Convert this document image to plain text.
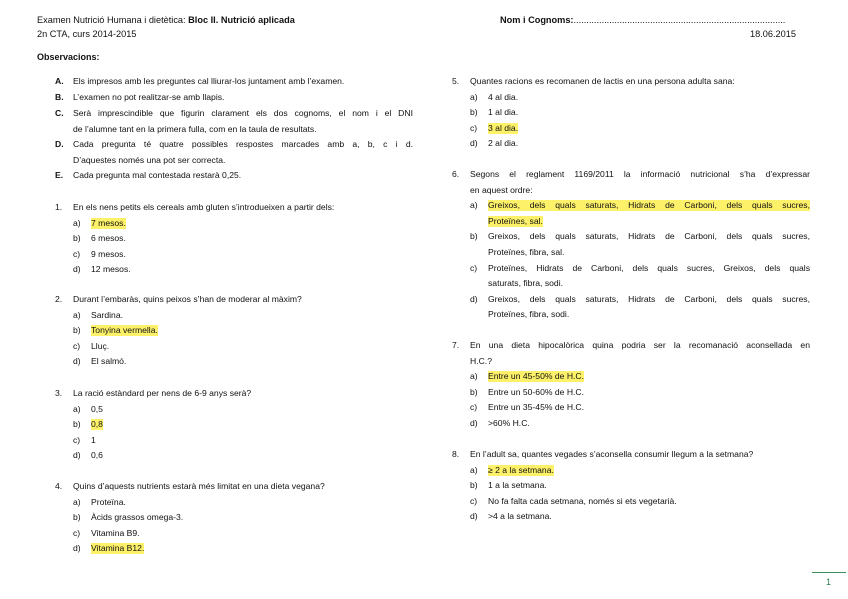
Examen Nutrició Humana i dietètica: Bloc II. Nutrició aplicada
2n CTA, curs 2014-2015
Nom i Cognoms:...................................................................................
18.06.2015
Observacions:
A. Els impresos amb les preguntes cal lliurar-los juntament amb l’examen.
B. L’examen no pot realitzar-se amb llapis.
C. Serà imprescindible que figurin clarament els dos cognoms, el nom i el DNI
de l’alumne tant en la primera fulla, com en la taula de resultats.
D. Cada pregunta té quatre possibles respostes marcades amb a, b, c i d.
D’aquestes només una pot ser correcta.
E. Cada pregunta mal contestada restarà 0,25.
1. En els nens petits els cereals amb gluten s’introdueixen a partir dels:
a) 7 mesos.
b) 6 mesos.
c) 9 mesos.
d) 12 mesos.
2. Durant l’embaràs, quins peixos s’han de moderar al màxim?
a) Sardina.
b) Tonyina vermella.
c) Lluç.
d) El salmó.
3. La ració estàndard per nens de 6-9 anys serà?
a) 0,5
b) 0,8
c) 1
d) 0,6
4. Quins d’aquests nutrients estarà més limitat en una dieta vegana?
a) Proteïna.
b) Àcids grassos omega-3.
c) Vitamina B9.
d) Vitamina B12.
5. Quantes racions es recomanen de lactis en una persona adulta sana:
a) 4 al dia.
b) 1 al dia.
c) 3 al dia.
d) 2 al dia.
6. Segons el reglament 1169/2011 la informació nutricional s’ha d’expressar
en aquest ordre:
a) Greixos, dels quals saturats, Hidrats de Carboni, dels quals sucres,
Proteïnes, sal.
b) Greixos, dels quals saturats, Hidrats de Carboni, dels quals sucres,
Proteïnes, fibra, sal.
c) Proteïnes, Hidrats de Carboni, dels quals sucres, Greixos, dels quals
saturats, fibra, sodi.
d) Greixos, dels quals saturats, Hidrats de Carboni, dels quals sucres,
Proteïnes, fibra, sodi.
7. En una dieta hipocalòrica quina podria ser la recomanació aconsellada en
H.C.?
a) Entre un 45-50% de H.C.
b) Entre un 50-60% de H.C.
c) Entre un 35-45% de H.C.
d) >60% H.C.
8. En l’adult sa, quantes vegades s’aconsella consumir llegum a la setmana?
a) ≥ 2 a la setmana.
b) 1 a la setmana.
c) No fa falta cada setmana, només si ets vegetarià.
d) >4 a la setmana.
1
